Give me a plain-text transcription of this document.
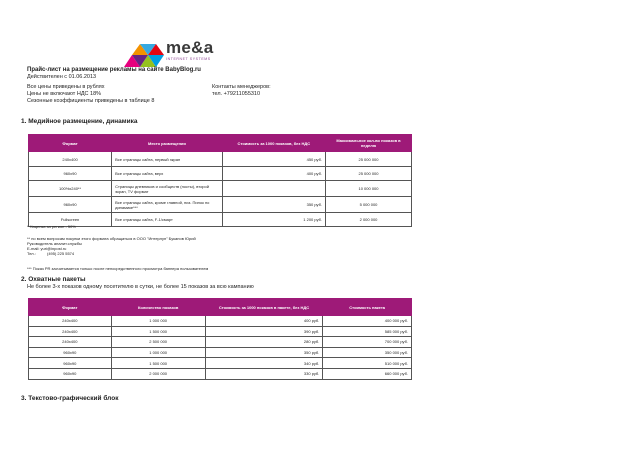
me&a
INTERNET SYSTEMS
Прайс-лист на размещение рекламы на сайте BabyBlog.ru
Действителен с 01.06.2013
Все цены приведены в рублях
Цены не включают НДС 18%
Сезонные коэффициенты приведены в таблице 8
Контакты менеджеров:
тел. +79211055310
1. Медийное размещение, динамика
Формат	Место размещения	Стоимость за 1000 показов, без НДС	Максимальное кол-во показов в неделю
240x400	Все страницы сайта, первый экран	450 руб.	25 000 000
960x90	Все страницы сайта, верх	400 руб.	25 000 000
100%x240**	Страницы дневников и сообществ (посты), второй экран, TV формат		10 000 000
960x90	Все страницы сайта, кроме главной, низ. Пинок по динамике***	350 руб.	5 000 000
Fullscreen	Все страницы сайта, F-1/смарт	1 200 руб.	2 000 000
* Наценка за регион - 50%
** по всем вопросам покупки этого формата обращаться в ООО "Интерлуп" Буканов Юрий
Руководитель аналит.службы
E-mail: yuri@inpost.ru
Тел.:          (495) 225 5574
*** Показ PR засчитывается только после непосредственного просмотра баннера пользователем
2. Охватные пакеты
Не более 3-х показов одному посетителю в сутки, не более 15 показов за всю кампанию
Формат	Количество показов	Стоимость за 1000 показов в пакете, без НДС	Стоимость пакета
240x400	1 000 000	400 руб.	400 000 руб.
240x400	1 500 000	390 руб.	585 000 руб.
240x400	2 500 000	280 руб.	700 000 руб.
960x90	1 000 000	350 руб.	350 000 руб.
960x90	1 500 000	340 руб.	510 000 руб.
960x90	2 000 000	330 руб.	660 000 руб.
3. Текстово-графический блок
